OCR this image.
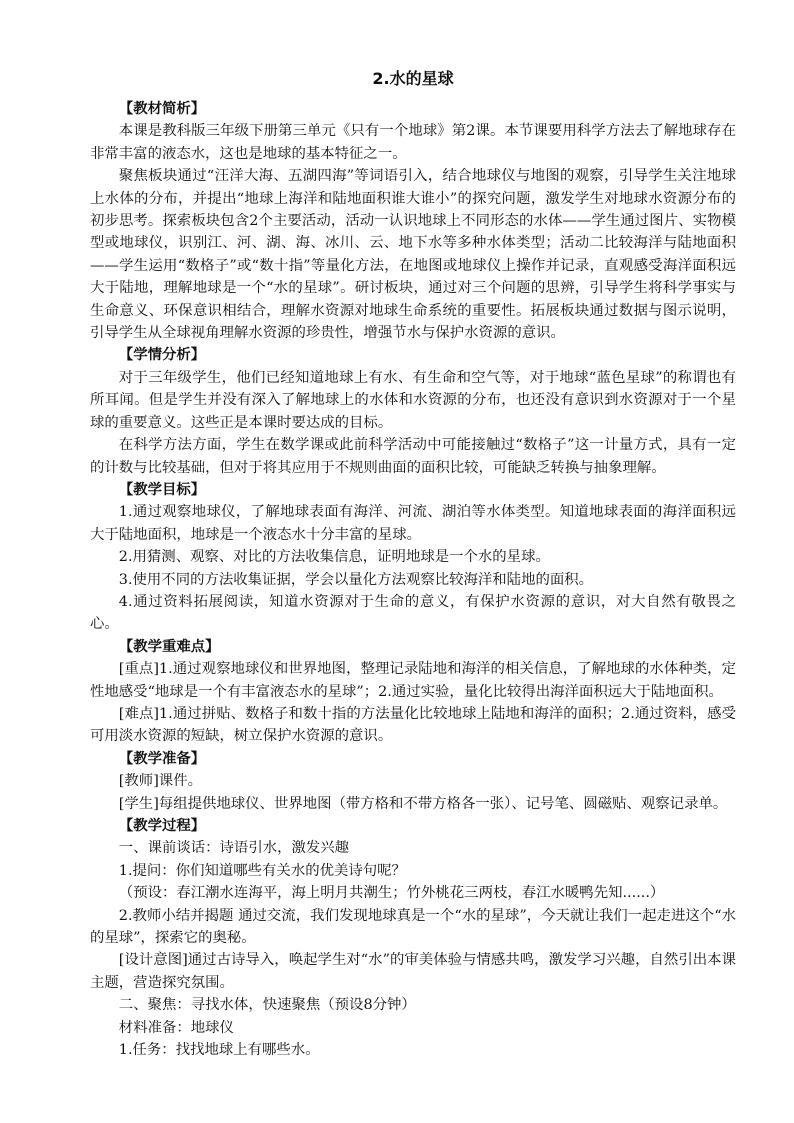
2.水的星球
【教材简析】

本课是教科版三年级下册第三单元《只有一个地球》第2课。本节课要用科学方法去了解地球存在非常丰富的液态水，这也是地球的基本特征之一。

聚焦板块通过“汪洋大海、五湖四海”等词语引入，结合地球仪与地图的观察，引导学生关注地球上水体的分布，并提出“地球上海洋和陆地面积谁大谁小”的探究问题，激发学生对地球水资源分布的初步思考。探索板块包含2个主要活动，活动一认识地球上不同形态的水体——学生通过图片、实物模型或地球仪，识别江、河、湖、海、冰川、云、地下水等多种水体类型；活动二比较海洋与陆地面积——学生运用“数格子”或“数十指”等量化方法，在地图或地球仪上操作并记录，直观感受海洋面积远大于陆地，理解地球是一个“水的星球”。研讨板块，通过对三个问题的思辨，引导学生将科学事实与生命意义、环保意识相结合，理解水资源对地球生命系统的重要性。拓展板块通过数据与图示说明，引导学生从全球视角理解水资源的珍贵性，增强节水与保护水资源的意识。

【学情分析】

对于三年级学生，他们已经知道地球上有水、有生命和空气等，对于地球“蓝色星球”的称谓也有所耳闻。但是学生并没有深入了解地球上的水体和水资源的分布，也还没有意识到水资源对于一个星球的重要意义。这些正是本课时要达成的目标。

在科学方法方面，学生在数学课或此前科学活动中可能接触过“数格子”这一计量方式，具有一定的计数与比较基础，但对于将其应用于不规则曲面的面积比较，可能缺乏转换与抽象理解。

【教学目标】

1.通过观察地球仪，了解地球表面有海洋、河流、湖泊等水体类型。知道地球表面的海洋面积远大于陆地面积，地球是一个液态水十分丰富的星球。

2.用猜测、观察、对比的方法收集信息，证明地球是一个水的星球。

3.使用不同的方法收集证据，学会以量化方法观察比较海洋和陆地的面积。

4.通过资料拓展阅读，知道水资源对于生命的意义，有保护水资源的意识，对大自然有敬畏之心。

【教学重难点】

[重点]1.通过观察地球仪和世界地图，整理记录陆地和海洋的相关信息，了解地球的水体种类，定性地感受“地球是一个有丰富液态水的星球”；2.通过实验，量化比较得出海洋面积远大于陆地面积。

[难点]1.通过拼贴、数格子和数十指的方法量化比较地球上陆地和海洋的面积；2.通过资料，感受可用淡水资源的短缺，树立保护水资源的意识。

【教学准备】

[教师]课件。

[学生]每组提供地球仪、世界地图（带方格和不带方格各一张）、记号笔、圆磁贴、观察记录单。

【教学过程】

一、课前谈话：诗语引水，激发兴趣

1.提问：你们知道哪些有关水的优美诗句呢？

（预设：春江潮水连海平，海上明月共潮生；竹外桃花三两枝，春江水暖鸭先知......）

2.教师小结并揭题 通过交流，我们发现地球真是一个“水的星球”，今天就让我们一起走进这个“水的星球”，探索它的奥秘。

[设计意图]通过古诗导入，唤起学生对“水”的审美体验与情感共鸣，激发学习兴趣，自然引出本课主题，营造探究氛围。

二、聚焦：寻找水体，快速聚焦（预设8分钟）

材料准备：地球仪

1.任务：找找地球上有哪些水。
